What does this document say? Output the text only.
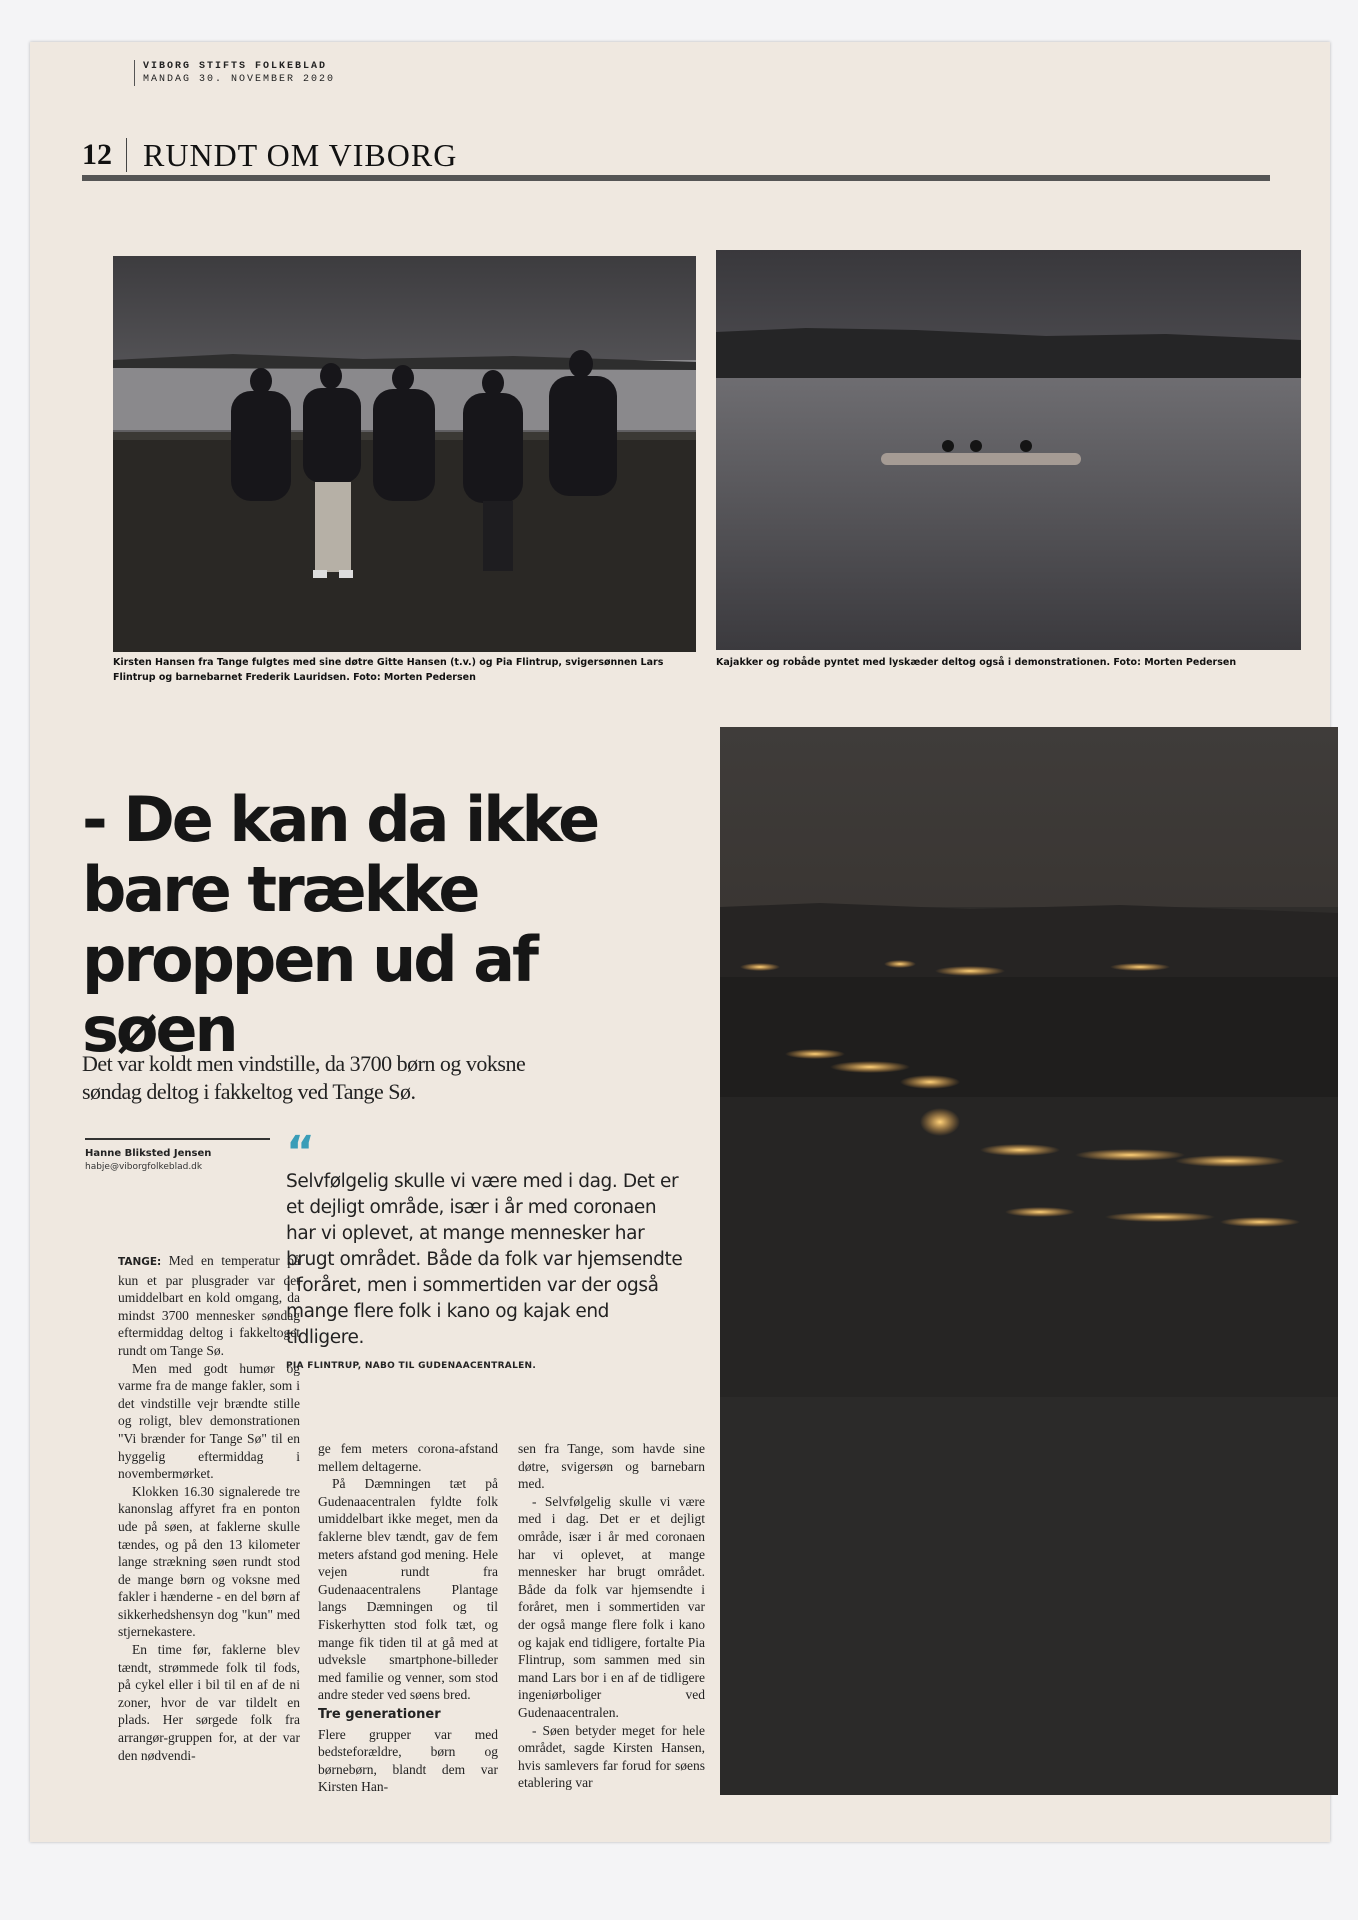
VIBORG STIFTS FOLKEBLAD
MANDAG 30. NOVEMBER 2020
12 RUNDT OM VIBORG
Kirsten Hansen fra Tange fulgtes med sine døtre Gitte Hansen (t.v.) og Pia Flintrup, svigersønnen Lars Flintrup og barnebarnet Frederik Lauridsen. Foto: Morten Pedersen
Kajakker og robåde pyntet med lyskæder deltog også i demonstrationen. Foto: Morten Pedersen
- De kan da ikke
bare trække
proppen ud af søen
Det var koldt men vindstille, da 3700 børn og voksne søndag deltog i fakkeltog ved Tange Sø.
Hanne Bliksted Jensen
habje@viborgfolkeblad.dk	“
Selvfølgelig skulle vi være med i dag. Det er et dejligt område, især i år med coronaen har vi oplevet, at mange mennesker har brugt området. Både da folk var hjemsendte i foråret, men i sommertiden var der også mange flere folk i kano og kajak end tidligere.
PIA FLINTRUP, NABO TIL GUDENAACENTRALEN.

TANGE: Med en temperatur på kun et par plusgrader var det umiddelbart en kold omgang, da mindst 3700 mennesker søndag eftermiddag deltog i fakkeltoget rundt om Tange Sø.

Men med godt humør og varme fra de mange fakler, som i det vindstille vejr brændte stille og roligt, blev demonstrationen "Vi brænder for Tange Sø" til en hyggelig eftermiddag i novembermørket.

Klokken 16.30 signalerede tre kanonslag affyret fra en ponton ude på søen, at faklerne skulle tændes, og på den 13 kilometer lange strækning søen rundt stod de mange børn og voksne med fakler i hænderne - en del børn af sikkerhedshensyn dog "kun" med stjernekastere.

En time før, faklerne blev tændt, strømmede folk til fods, på cykel eller i bil til en af de ni zoner, hvor de var tildelt en plads. Her sørgede folk fra arrangør-gruppen for, at der var den nødvendi-

ge fem meters corona-afstand mellem deltagerne.

På Dæmningen tæt på Gudenaacentralen fyldte folk umiddelbart ikke meget, men da faklerne blev tændt, gav de fem meters afstand god mening. Hele vejen rundt fra Gudenaacentralens Plantage langs Dæmningen og til Fiskerhytten stod folk tæt, og mange fik tiden til at gå med at udveksle smartphone-billeder med familie og venner, som stod andre steder ved søens bred.

Tre generationer

Flere grupper var med bedsteforældre, børn og børnebørn, blandt dem var Kirsten Han-

sen fra Tange, som havde sine døtre, svigersøn og barnebarn med.

- Selvfølgelig skulle vi være med i dag. Det er et dejligt område, især i år med coronaen har vi oplevet, at mange mennesker har brugt området. Både da folk var hjemsendte i foråret, men i sommertiden var der også mange flere folk i kano og kajak end tidligere, fortalte Pia Flintrup, som sammen med sin mand Lars bor i en af de tidligere ingeniørboliger ved Gudenaacentralen.

- Søen betyder meget for hele området, sagde Kirsten Hansen, hvis samlevers far forud for søens etablering var
